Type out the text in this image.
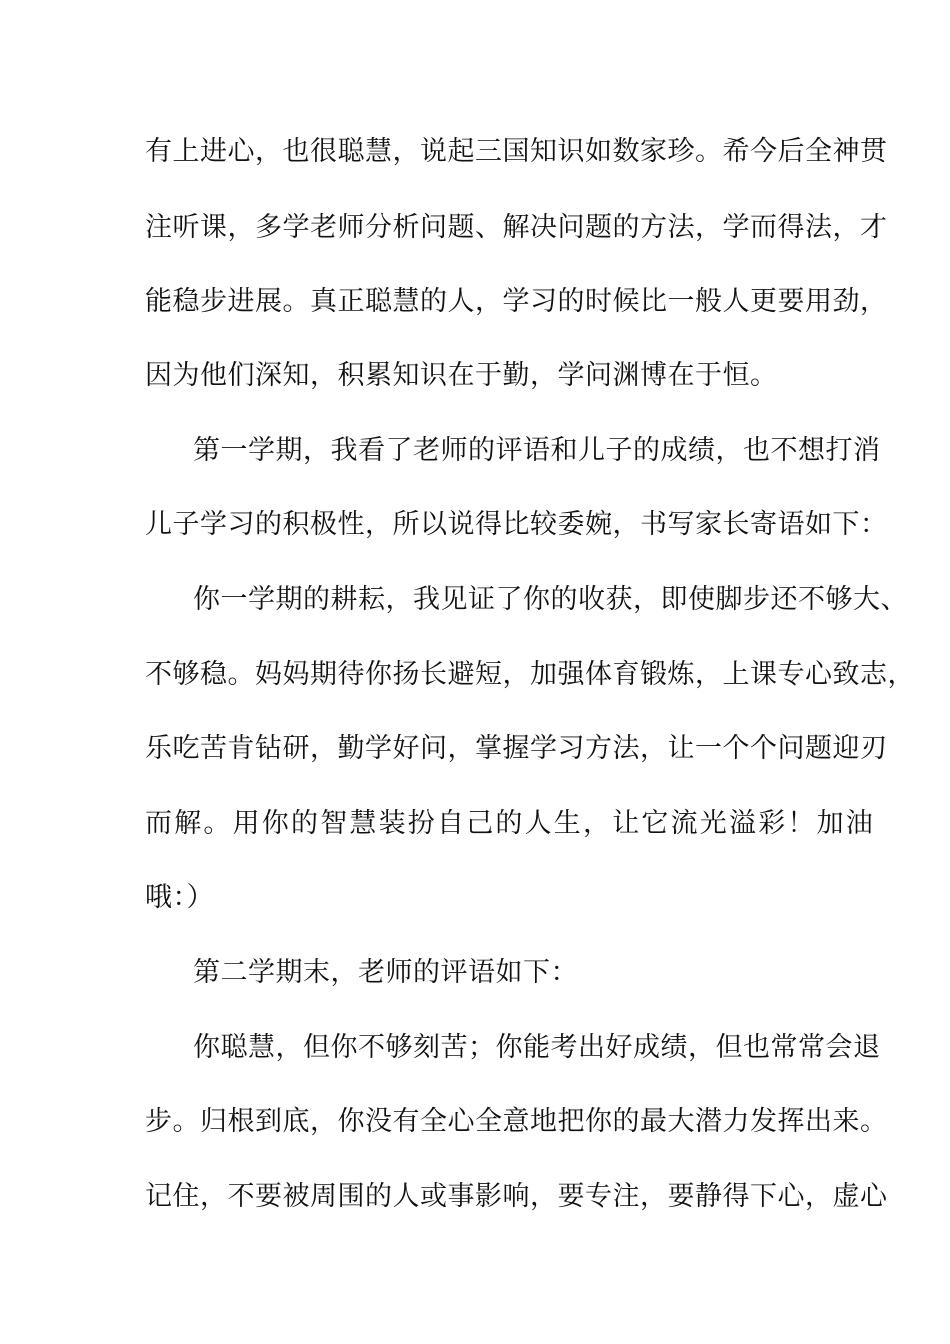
有上进心，也很聪慧，说起三国知识如数家珍。希今后全神贯
注听课，多学老师分析问题、解决问题的方法，学而得法，才
能稳步进展。真正聪慧的人，学习的时候比一般人更要用劲，
因为他们深知，积累知识在于勤，学问渊博在于恒。
第一学期，我看了老师的评语和儿子的成绩，也不想打消
儿子学习的积极性，所以说得比较委婉，书写家长寄语如下：
你一学期的耕耘，我见证了你的收获，即使脚步还不够大、
不够稳。妈妈期待你扬长避短，加强体育锻炼，上课专心致志，
乐吃苦肯钻研，勤学好问，掌握学习方法，让一个个问题迎刃
而解。用你的智慧装扮自己的人生，让它流光溢彩！加油
哦：）
第二学期末，老师的评语如下：
你聪慧，但你不够刻苦；你能考出好成绩，但也常常会退
步。归根到底，你没有全心全意地把你的最大潜力发挥出来。
记住，不要被周围的人或事影响，要专注，要静得下心，虚心
